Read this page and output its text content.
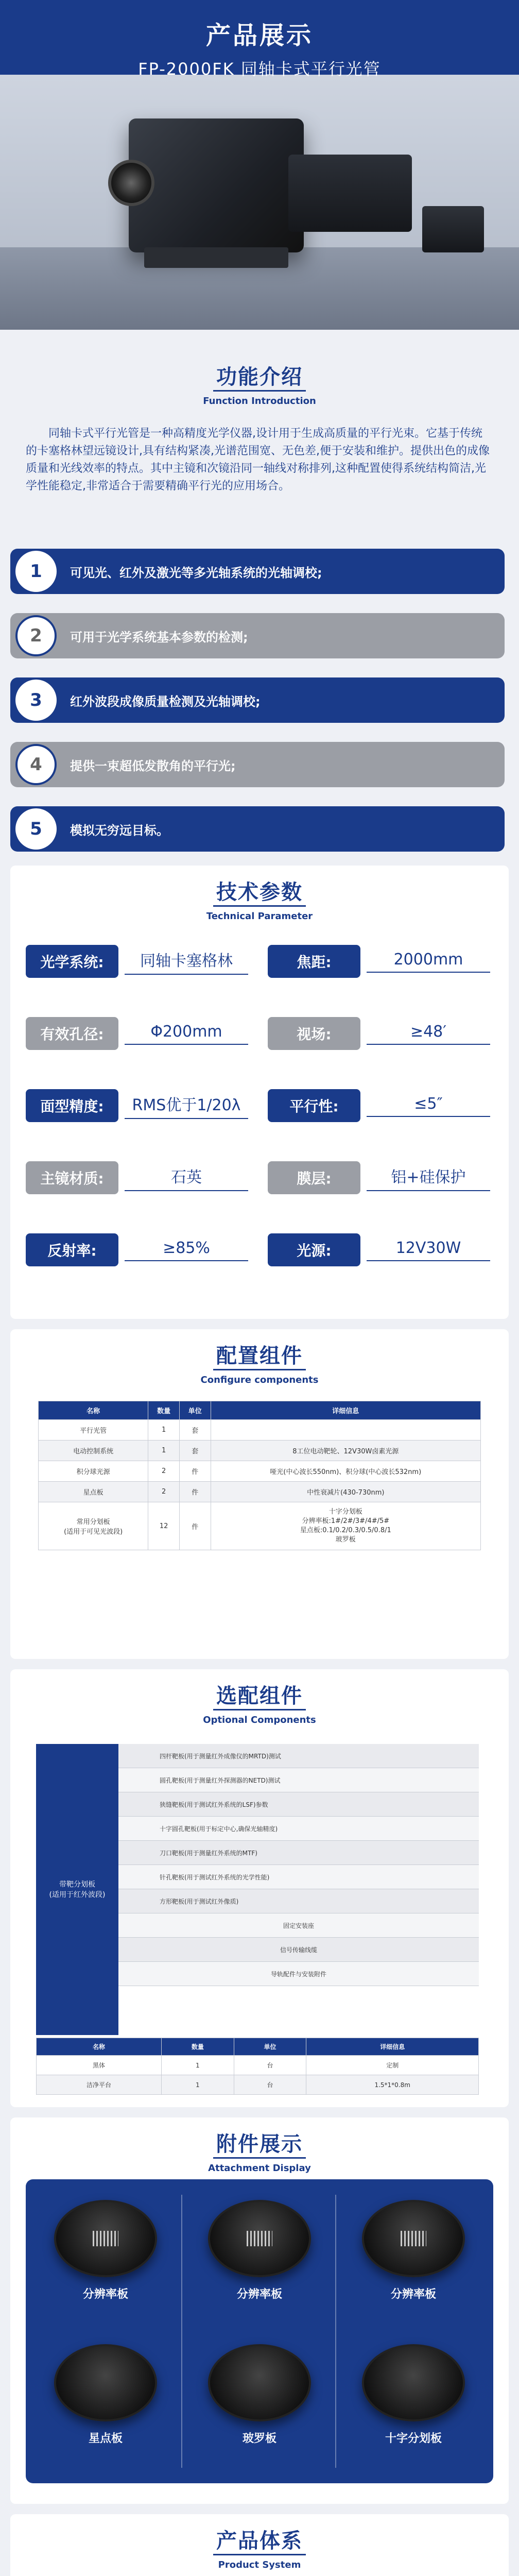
产品展示
FP-2000FK 同轴卡式平行光管
功能介绍
Function Introduction

同轴卡式平行光管是一种高精度光学仪器,设计用于生成高质量的平行光束。它基于传统的卡塞格林望远镜设计,具有结构紧凑,光谱范围宽、无色差,便于安装和维护。提供出色的成像质量和光线效率的特点。其中主镜和次镜沿同一轴线对称排列,这种配置使得系统结构简洁,光学性能稳定,非常适合于需要精确平行光的应用场合。

1	可见光、红外及激光等多光轴系统的光轴调校;
2	可用于光学系统基本参数的检测;
3	红外波段成像质量检测及光轴调校;
4	提供一束超低发散角的平行光;
5	模拟无穷远目标。
技术参数
Technical Parameter
光学系统:	同轴卡塞格林	焦距:	2000mm
有效孔径:	Φ200mm	视场:	≥48′
面型精度:	RMS优于1/20λ	平行性:	≤5″
主镜材质:	石英	膜层:	铝+硅保护
反射率:	≥85%	光源:	12V30W
配置组件
Configure components
名称	数量	单位	详细信息
平行光管	1	套	
电动控制系统	1	套	8工位电动靶轮、12V30W卤素光源
积分球光源	2	件	哑光(中心波长550nm)、积分球(中心波长532nm)
星点板	2	件	中性衰减片(430-730nm)
常用分划板
(适用于可见光波段)	12	件	十字分划板
分辨率板:1#/2#/3#/4#/5#
星点板:0.1/0.2/0.3/0.5/0.8/1
玻罗板
选配组件
Optional Components
带靶分划板
(适用于红外波段)
四杆靶板(用于测量红外成像仪的MRTD)测试
圆孔靶板(用于测量红外探测器的NETD)测试
狭缝靶板(用于测试红外系统的LSF)参数
十字圆孔靶板(用于标定中心,确保光轴精度)
刀口靶板(用于测量红外系统的MTF)
针孔靶板(用于测试红外系统的光学性能)
方形靶板(用于测试红外像质)
固定安装座
信号传输线缆
导轨配件与安装附件
名称	数量	单位	详细信息
黑体	1	台	定制
洁净平台	1	台	1.5*1*0.8m
附件展示
Attachment Display
分辨率板	分辨率板	分辨率板
星点板	玻罗板	十字分划板
产品体系
Product System
